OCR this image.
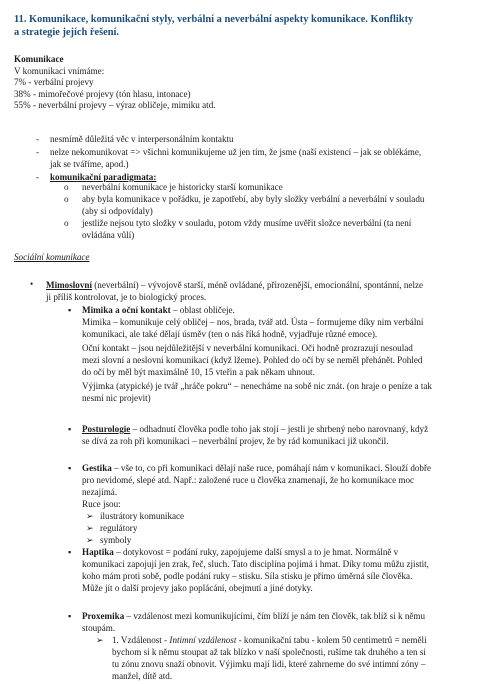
11. Komunikace, komunikační styly, verbální a neverbální aspekty komunikace. Konflikty
a strategie jejích řešení.
Komunikace
V komunikaci vnímáme:
7% - verbální projevy
38% - mimořečové projevy (tón hlasu, intonace)
55% - neverbální projevy – výraz obličeje, mimiku atd.
- nesmímě důležitá věc v interpersonálním kontaktu
- nelze nekomunikovat => všichni komunikujeme už jen tím, že jsme (naší existencí – jak se oblékáme,
jak se tváříme, apod.)
- komunikační paradigmata:
o neverbální komunikace je historicky starší komunikace
o aby byla komunikace v pořádku, je zapotřebí, aby byly složky verbální a neverbální v souladu
(aby si odpovídaly)
o jestliže nejsou tyto složky v souladu, potom vždy musíme uvěřit složce neverbální (ta není
ovládána vůlí)
Sociální komunikace
• Mimoslovní (neverbální) – vývojově starší, méně ovládané, přirozenější, emocionální, spontánní, nelze
ji příliš kontrolovat, je to biologický proces.
▪ Mimika a oční kontakt – oblast obličeje.
Mimika – komunikuje celý obličej – nos, brada, tvář atd. Ústa – formujeme díky nim verbální
komunikaci, ale také dělají úsměv (ten o nás říká hodně, vyjadřuje různé emoce).
Oční kontakt – jsou nejdůležitější v neverbální komunikaci. Oči hodně prozrazují nesoulad
mezi slovní a neslovní komunikací (když lžeme). Pohled do očí by se neměl přehánět. Pohled
do očí by měl být maximálně 10, 15 vteřin a pak někam uhnout.
Výjimka (atypické) je tvář „hráče pokru“ – nenecháme na sobě nic znát. (on hraje o peníze a tak
nesmí nic projevit)
▪ Posturologie – odhadnutí člověka podle toho jak stojí – jestli je shrbený nebo narovnaný, když
se dívá za roh při komunikaci – neverbální projev, že by rád komunikaci již ukončil.
▪ Gestika – vše to, co při komunikaci dělají naše ruce, pomáhají nám v komunikaci. Slouží dobře
pro nevidomé, slepé atd. Např.: založené ruce u člověka znamenají, že ho komunikace moc
nezajímá.
Ruce jsou:
➢ ilustrátory komunikace
➢ regulátory
➢ symboly
▪ Haptika – dotykovost = podání ruky, zapojujeme další smysl a to je hmat. Normálně v
komunikaci zapojují jen zrak, řeč, sluch. Tato disciplína pojímá i hmat. Díky tomu můžu zjistit,
koho mám proti sobě, podle podání ruky – stisku. Síla stisku je přímo úměrná síle člověka.
Může jít o další projevy jako poplácání, obejmutí a jiné dotyky.
▪ Proxemika – vzdálenost mezi komunikujícími, čím blíží je nám ten člověk, tak blíž si k němu
stoupám.
➢ 1. Vzdálenost - Intimní vzdálenost - komunikační tabu - kolem 50 centimetrů = neměli
bychom si k němu stoupat až tak blízko v naší společnosti, rušíme tak druhého a ten si
tu zónu znovu snaží obnovit. Výjimku mají lidi, které zahrneme do své intimní zóny –
manžel, dítě atd.
